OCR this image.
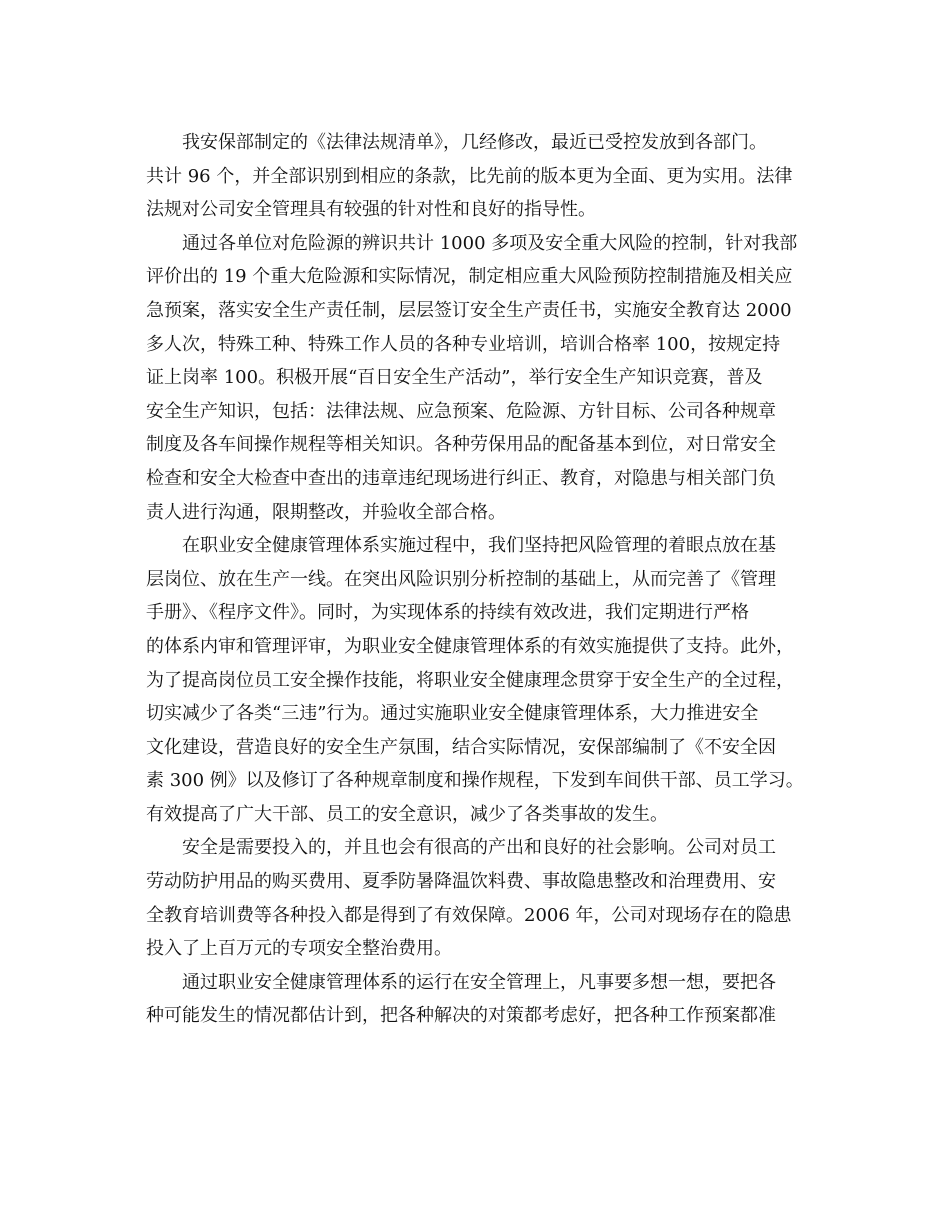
　　我安保部制定的《法律法规清单》，几经修改，最近已受控发放到各部门。
共计 96 个，并全部识别到相应的条款，比先前的版本更为全面、更为实用。法律
法规对公司安全管理具有较强的针对性和良好的指导性。
　　通过各单位对危险源的辨识共计 1000 多项及安全重大风险的控制，针对我部
评价出的 19 个重大危险源和实际情况，制定相应重大风险预防控制措施及相关应
急预案，落实安全生产责任制，层层签订安全生产责任书，实施安全教育达 2000
多人次，特殊工种、特殊工作人员的各种专业培训，培训合格率 100，按规定持
证上岗率 100。积极开展“百日安全生产活动”，举行安全生产知识竞赛，普及
安全生产知识，包括：法律法规、应急预案、危险源、方针目标、公司各种规章
制度及各车间操作规程等相关知识。各种劳保用品的配备基本到位，对日常安全
检查和安全大检查中查出的违章违纪现场进行纠正、教育，对隐患与相关部门负
责人进行沟通，限期整改，并验收全部合格。
　　在职业安全健康管理体系实施过程中，我们坚持把风险管理的着眼点放在基
层岗位、放在生产一线。在突出风险识别分析控制的基础上，从而完善了《管理
手册》、《程序文件》。同时，为实现体系的持续有效改进，我们定期进行严格
的体系内审和管理评审，为职业安全健康管理体系的有效实施提供了支持。此外，
为了提高岗位员工安全操作技能，将职业安全健康理念贯穿于安全生产的全过程，
切实减少了各类“三违”行为。通过实施职业安全健康管理体系，大力推进安全
文化建设，营造良好的安全生产氛围，结合实际情况，安保部编制了《不安全因
素 300 例》以及修订了各种规章制度和操作规程，下发到车间供干部、员工学习。
有效提高了广大干部、员工的安全意识，减少了各类事故的发生。
　　安全是需要投入的，并且也会有很高的产出和良好的社会影响。公司对员工
劳动防护用品的购买费用、夏季防暑降温饮料费、事故隐患整改和治理费用、安
全教育培训费等各种投入都是得到了有效保障。2006 年，公司对现场存在的隐患
投入了上百万元的专项安全整治费用。
　　通过职业安全健康管理体系的运行在安全管理上，凡事要多想一想，要把各
种可能发生的情况都估计到，把各种解决的对策都考虑好，把各种工作预案都准
